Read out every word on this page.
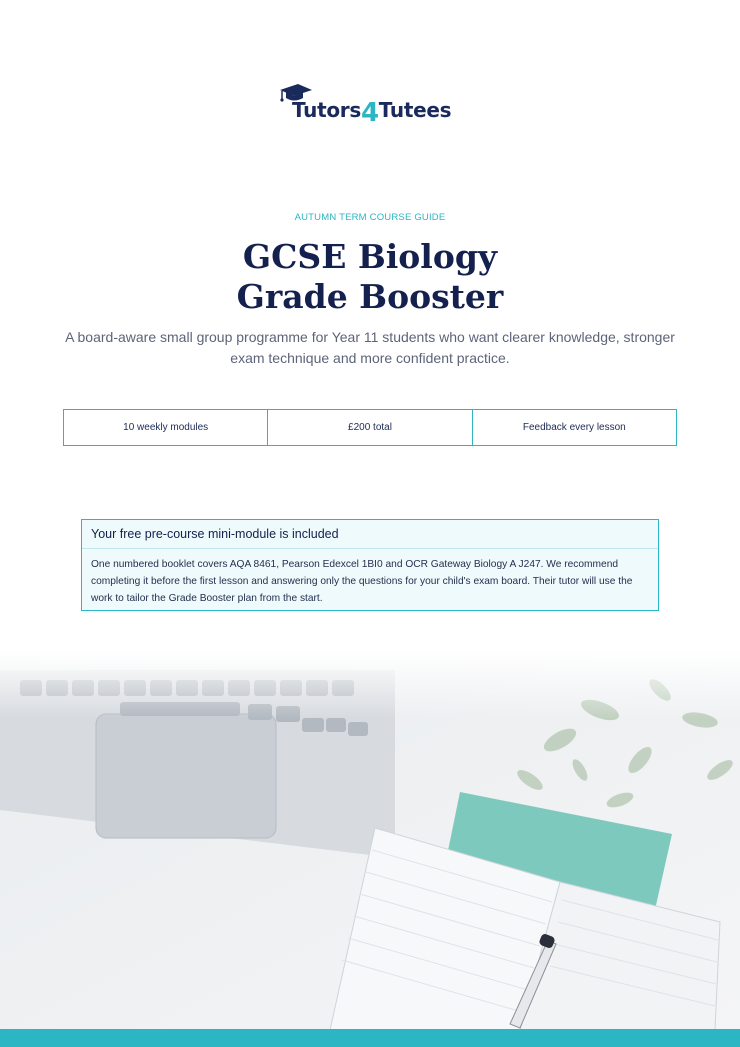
Tutors4Tutees
AUTUMN TERM COURSE GUIDE
GCSE Biology
Grade Booster
A board-aware small group programme for Year 11 students who want clearer knowledge, stronger exam technique and more confident practice.
10 weekly modules	£200 total	Feedback every lesson
Your free pre-course mini-module is included
One numbered booklet covers AQA 8461, Pearson Edexcel 1BI0 and OCR Gateway Biology A J247. We recommend completing it before the first lesson and answering only the questions for your child's exam board. Their tutor will use the work to tailor the Grade Booster plan from the start.
